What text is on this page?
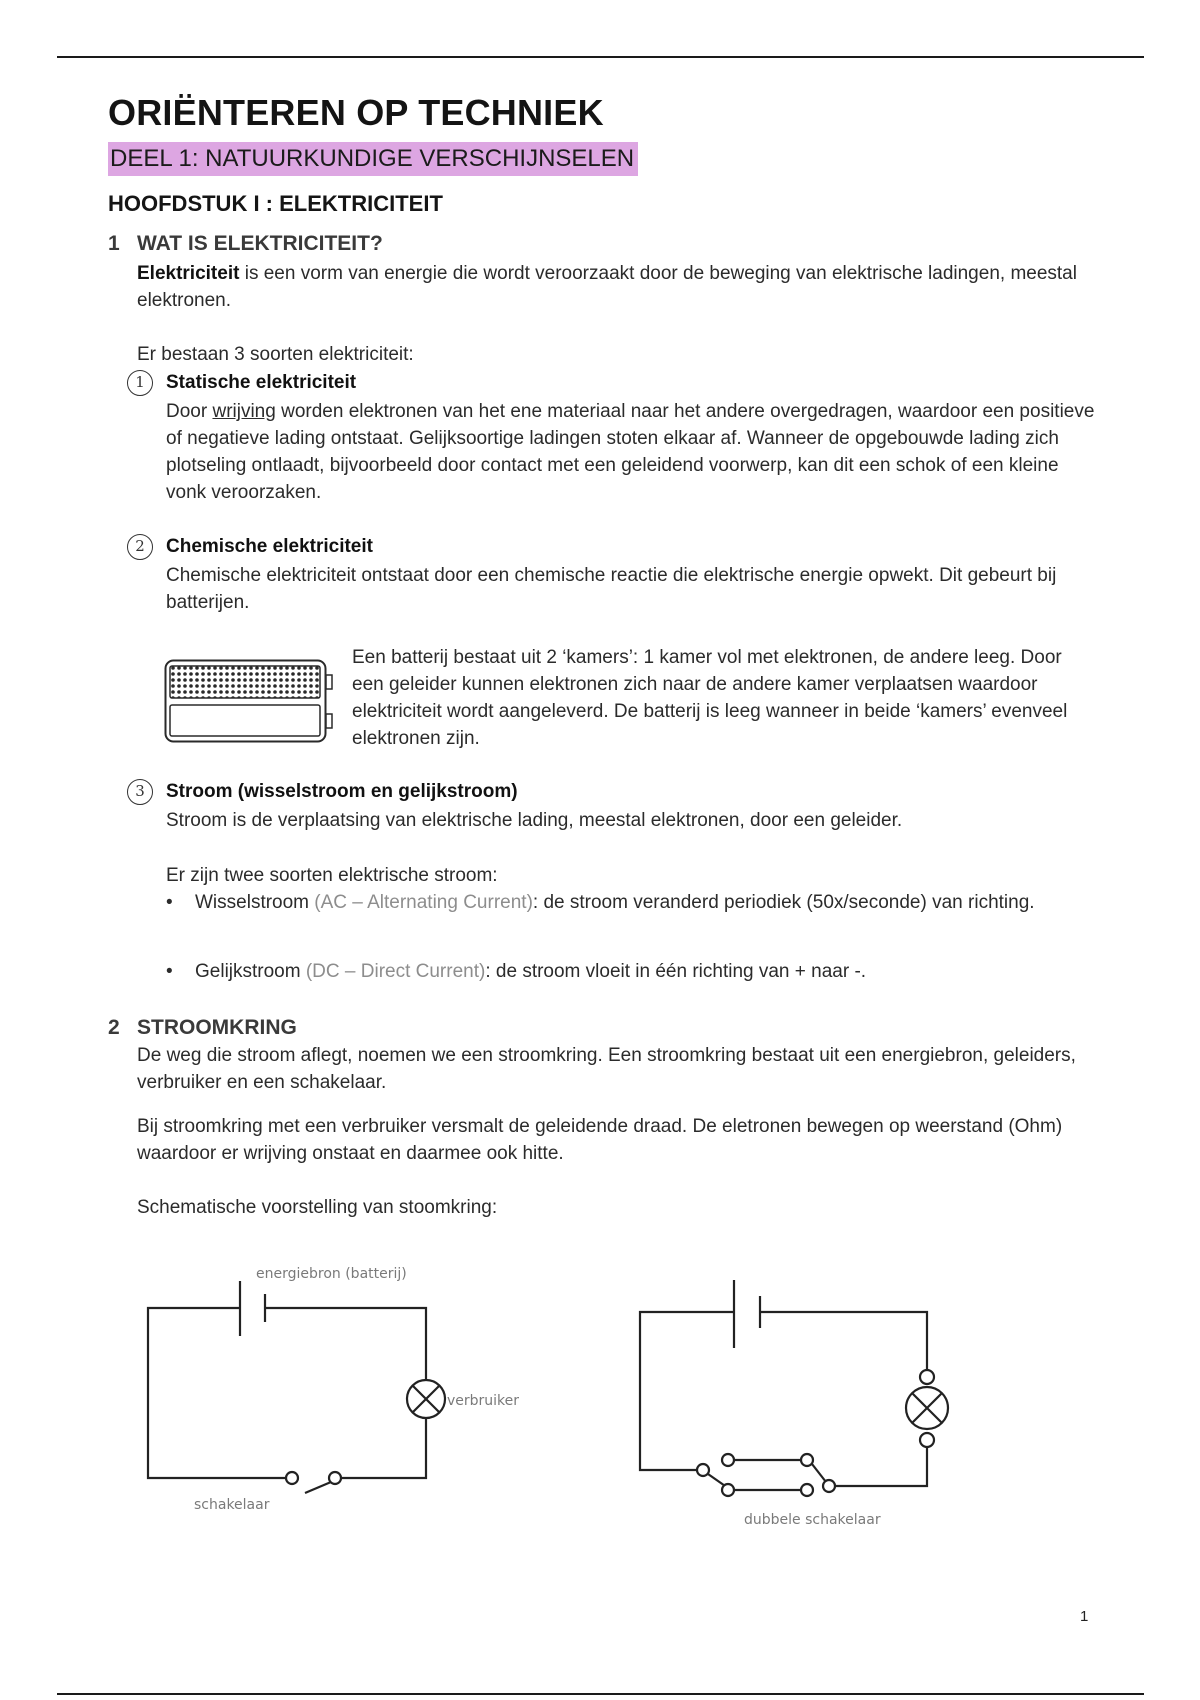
ORIËNTEREN OP TECHNIEK
DEEL 1: NATUURKUNDIGE VERSCHIJNSELEN
HOOFDSTUK I : ELEKTRICITEIT
1 WAT IS ELEKTRICITEIT?

Elektriciteit is een vorm van energie die wordt veroorzaakt door de beweging van elektrische ladingen, meestal elektronen.

Er bestaan 3 soorten elektriciteit:

1	Statische elektriciteit

Door wrijving worden elektronen van het ene materiaal naar het andere overgedragen, waardoor een positieve of negatieve lading ontstaat. Gelijksoortige ladingen stoten elkaar af. Wanneer de opgebouwde lading zich plotseling ontlaadt, bijvoorbeeld door contact met een geleidend voorwerp, kan dit een schok of een kleine vonk veroorzaken.

2	Chemische elektriciteit

Chemische elektriciteit ontstaat door een chemische reactie die elektrische energie opwekt. Dit gebeurt bij batterijen.

Een batterij bestaat uit 2 ‘kamers’: 1 kamer vol met elektronen, de andere leeg. Door een geleider kunnen elektronen zich naar de andere kamer verplaatsen waardoor elektriciteit wordt aangeleverd. De batterij is leeg wanneer in beide ‘kamers’ evenveel elektronen zijn.

3	Stroom (wisselstroom en gelijkstroom)

Stroom is de verplaatsing van elektrische lading, meestal elektronen, door een geleider.

Er zijn twee soorten elektrische stroom:

• Wisselstroom (AC – Alternating Current): de stroom veranderd periodiek (50x/seconde) van richting.
• Gelijkstroom (DC – Direct Current): de stroom vloeit in één richting van + naar -.
2 STROOMKRING

De weg die stroom aflegt, noemen we een stroomkring. Een stroomkring bestaat uit een energiebron, geleiders, verbruiker en een schakelaar.

Bij stroomkring met een verbruiker versmalt de geleidende draad. De eletronen bewegen op weerstand (Ohm) waardoor er wrijving onstaat en daarmee ook hitte.

Schematische voorstelling van stoomkring:

energiebron (batterij)
verbruiker
schakelaar
dubbele schakelaar
1
